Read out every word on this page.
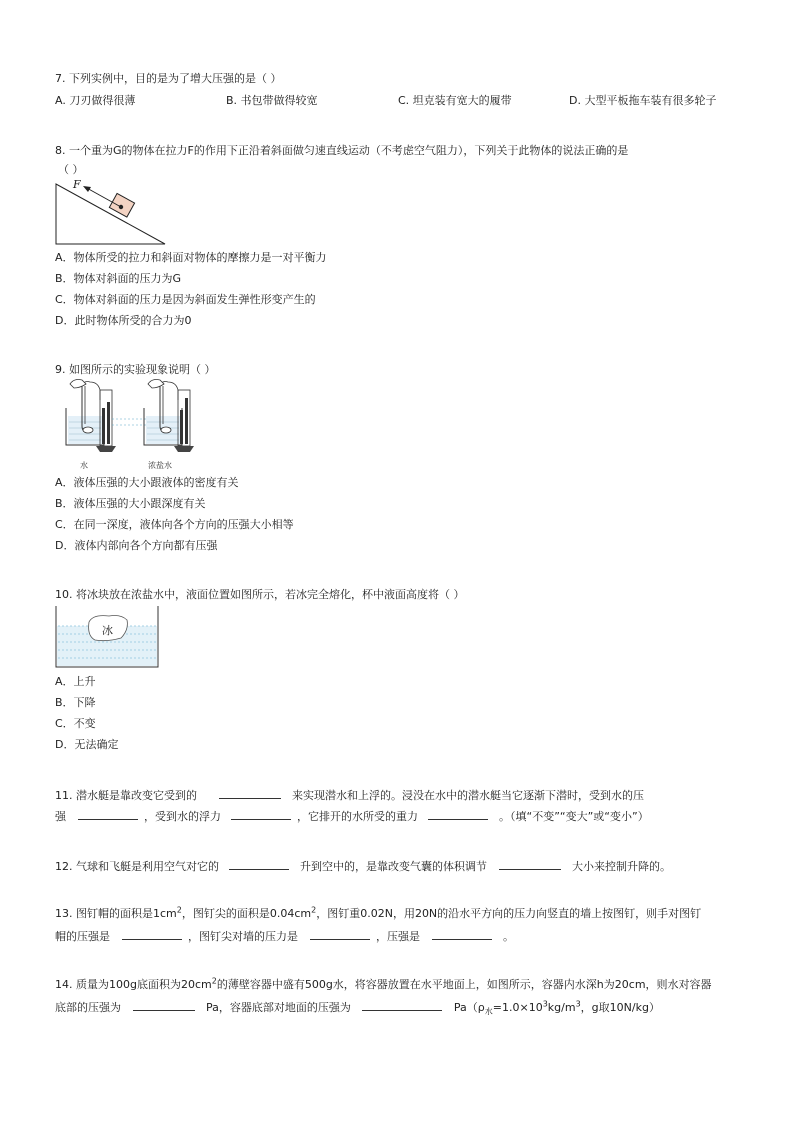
7. 下列实例中，目的是为了增大压强的是（ ）
A. 刀刃做得很薄	B. 书包带做得较宽	C. 坦克装有宽大的履带	D. 大型平板拖车装有很多轮子
8. 一个重为G的物体在拉力F的作用下正沿着斜面做匀速直线运动（不考虑空气阻力），下列关于此物体的说法正确的是
（ ）
F
A．物体所受的拉力和斜面对物体的摩擦力是一对平衡力
B．物体对斜面的压力为G
C．物体对斜面的压力是因为斜面发生弹性形变产生的
D．此时物体所受的合力为0
9. 如图所示的实验现象说明（ ）
水	浓盐水
A．液体压强的大小跟液体的密度有关
B．液体压强的大小跟深度有关
C．在同一深度，液体向各个方向的压强大小相等
D．液体内部向各个方向都有压强
10. 将冰块放在浓盐水中，液面位置如图所示，若冰完全熔化，杯中液面高度将（ ）
冰
A．上升
B．下降
C．不变
D．无法确定
11. 潜水艇是靠改变它受到的	来实现潜水和上浮的。浸没在水中的潜水艇当它逐渐下潜时，受到水的压
强	，受到水的浮力	，它排开的水所受的重力	。（填“不变”“变大”或“变小”）
12. 气球和飞艇是利用空气对它的	升到空中的，是靠改变气囊的体积调节	大小来控制升降的。
13. 图钉帽的面积是$1cm^2$，图钉尖的面积是$0.04cm^2$，图钉重0.02N，用20N的沿水平方向的压力向竖直的墙上按图钉，则手对图钉
帽的压强是	，图钉尖对墙的压力是	，压强是	。
14. 质量为100g底面积为$20cm^2$的薄壁容器中盛有500g水，将容器放置在水平地面上，如图所示，容器内水深h为20cm，则水对容器
底部的压强为	Pa，容器底部对地面的压强为	$Pa(\rho_水=1.0\times 10^3kg/m^3$，g取10N/kg）
